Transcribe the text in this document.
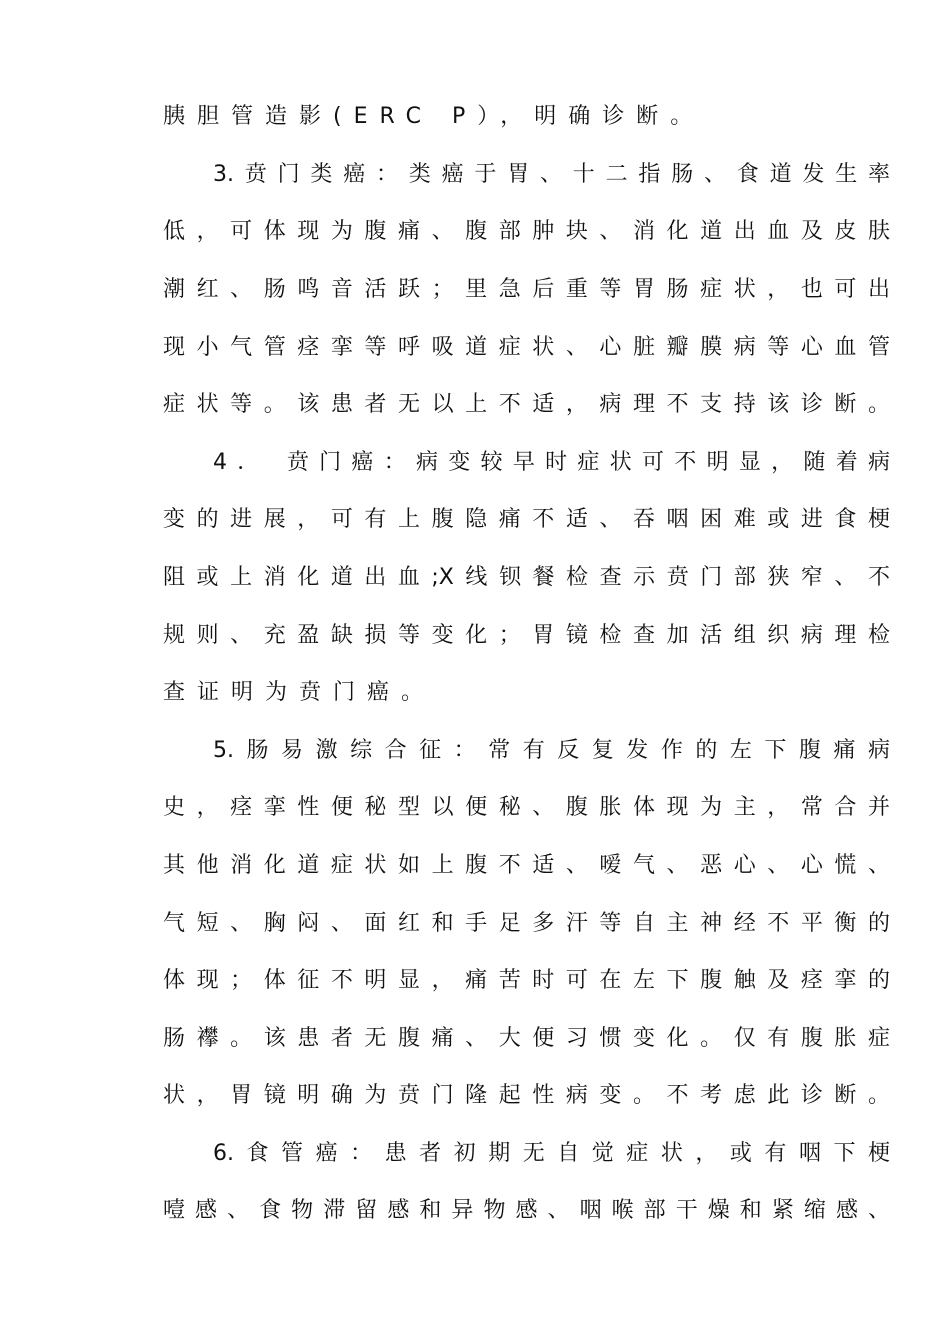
胰胆管造影(ERC P），明确诊断。
3.贲门类癌：类癌于胃、十二指肠、食道发生率
低，可体现为腹痛、腹部肿块、消化道出血及皮肤
潮红、肠鸣音活跃；里急后重等胃肠症状，也可出
现小气管痉挛等呼吸道症状、心脏瓣膜病等心血管
症状等。该患者无以上不适，病理不支持该诊断。
4． 贲门癌：病变较早时症状可不明显，随着病
变的进展，可有上腹隐痛不适、吞咽困难或进食梗
阻或上消化道出血;X线钡餐检查示贲门部狭窄、不
规则、充盈缺损等变化；胃镜检查加活组织病理检
查证明为贲门癌。
5.肠易激综合征：常有反复发作的左下腹痛病
史，痉挛性便秘型以便秘、腹胀体现为主，常合并
其他消化道症状如上腹不适、嗳气、恶心、心慌、
气短、胸闷、面红和手足多汗等自主神经不平衡的
体现；体征不明显，痛苦时可在左下腹触及痉挛的
肠襻。该患者无腹痛、大便习惯变化。仅有腹胀症
状，胃镜明确为贲门隆起性病变。不考虑此诊断。
6.食管癌：患者初期无自觉症状，或有咽下梗
噎感、食物滞留感和异物感、咽喉部干燥和紧缩感、
